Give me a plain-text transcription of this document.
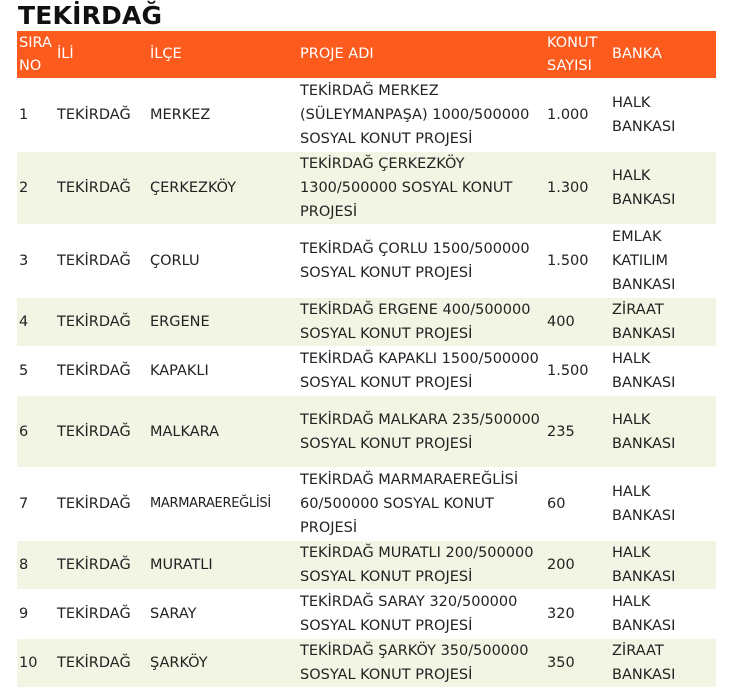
TEKİRDAĞ
SIRA NO	İLİ	İLÇE	PROJE ADI	KONUT SAYISI	BANKA
1	TEKİRDAĞ	MERKEZ	TEKİRDAĞ MERKEZ (SÜLEYMANPAŞA) 1000/500000 SOSYAL KONUT PROJESİ	1.000	HALK BANKASI
2	TEKİRDAĞ	ÇERKEZKÖY	TEKİRDAĞ ÇERKEZKÖY 1300/500000 SOSYAL KONUT PROJESİ	1.300	HALK BANKASI
3	TEKİRDAĞ	ÇORLU	TEKİRDAĞ ÇORLU 1500/500000 SOSYAL KONUT PROJESİ	1.500	EMLAK KATILIM BANKASI
4	TEKİRDAĞ	ERGENE	TEKİRDAĞ ERGENE 400/500000 SOSYAL KONUT PROJESİ	400	ZİRAAT BANKASI
5	TEKİRDAĞ	KAPAKLI	TEKİRDAĞ KAPAKLI 1500/500000 SOSYAL KONUT PROJESİ	1.500	HALK BANKASI
6	TEKİRDAĞ	MALKARA	TEKİRDAĞ MALKARA 235/500000 SOSYAL KONUT PROJESİ	235	HALK BANKASI
7	TEKİRDAĞ	MARMARAEREĞLİSİ	TEKİRDAĞ MARMARAEREĞLİSİ 60/500000 SOSYAL KONUT PROJESİ	60	HALK BANKASI
8	TEKİRDAĞ	MURATLI	TEKİRDAĞ MURATLI 200/500000 SOSYAL KONUT PROJESİ	200	HALK BANKASI
9	TEKİRDAĞ	SARAY	TEKİRDAĞ SARAY 320/500000 SOSYAL KONUT PROJESİ	320	HALK BANKASI
10	TEKİRDAĞ	ŞARKÖY	TEKİRDAĞ ŞARKÖY 350/500000 SOSYAL KONUT PROJESİ	350	ZİRAAT BANKASI
